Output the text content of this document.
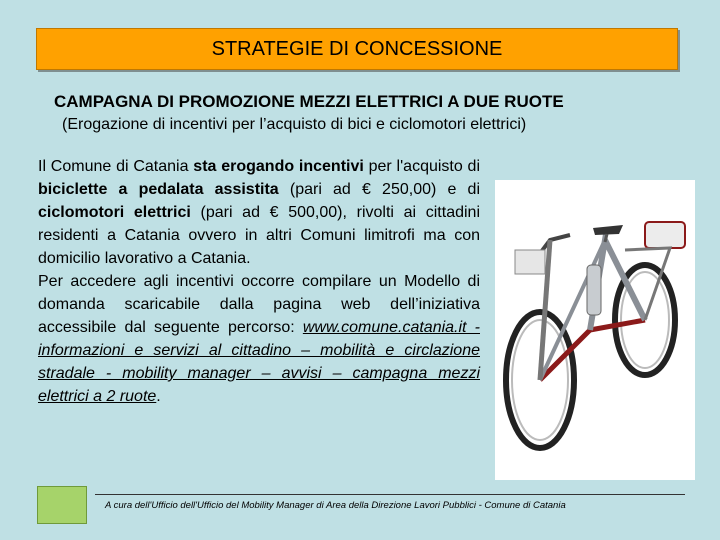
STRATEGIE DI CONCESSIONE
CAMPAGNA DI PROMOZIONE MEZZI ELETTRICI A DUE RUOTE
(Erogazione di incentivi per l’acquisto di bici e ciclomotori elettrici)
Il Comune di Catania sta erogando incentivi per l'acquisto di biciclette a pedalata assistita (pari ad € 250,00) e di ciclomotori elettrici (pari ad € 500,00), rivolti ai cittadini residenti a Catania ovvero in altri Comuni limitrofi ma con domicilio lavorativo a Catania.
Per accedere agli incentivi occorre compilare un Modello di domanda scaricabile dalla pagina web dell’iniziativa accessibile dal seguente percorso: www.comune.catania.it - informazioni e servizi al cittadino – mobilità e circlazione stradale - mobility manager – avvisi – campagna mezzi elettrici a 2 ruote.
A cura dell'Ufficio dell'Ufficio del Mobility Manager di Area della Direzione Lavori Pubblici - Comune di Catania
